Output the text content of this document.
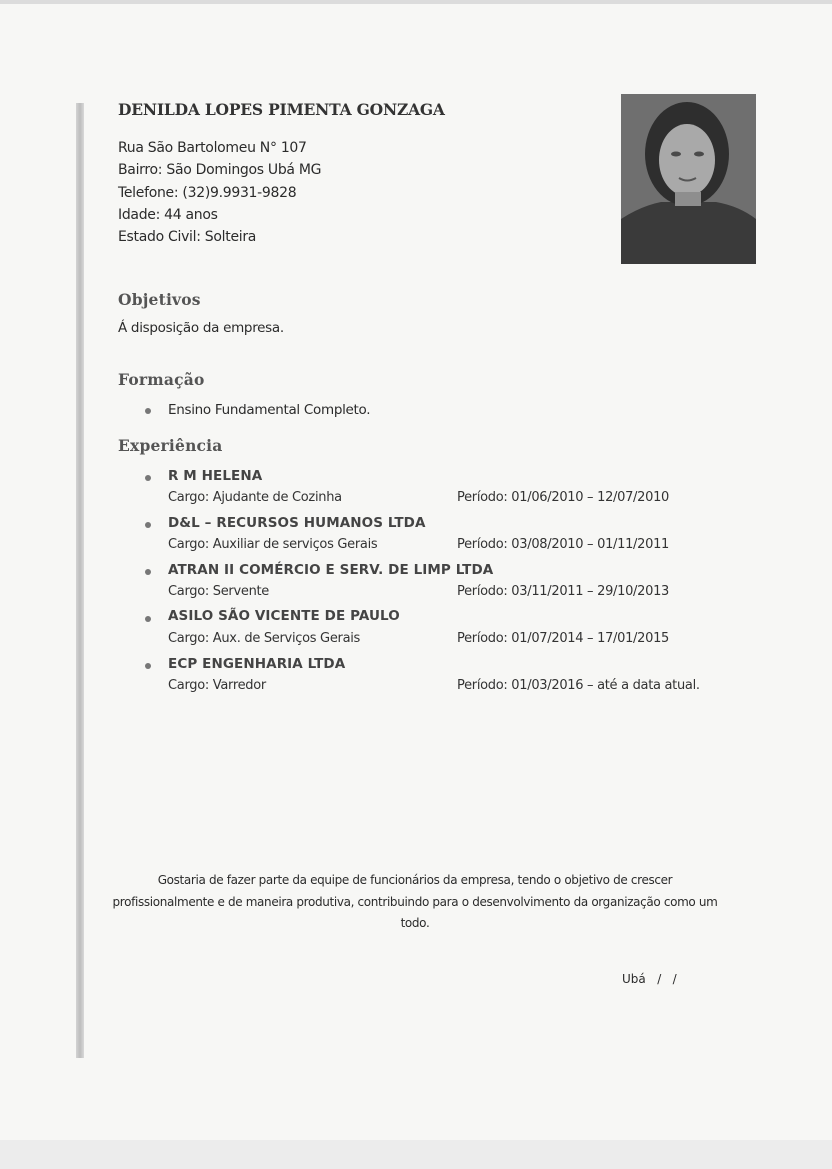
DENILDA LOPES PIMENTA GONZAGA
Rua São Bartolomeu N° 107
Bairro: São Domingos Ubá MG
Telefone: (32)9.9931-9828
Idade: 44 anos
Estado Civil: Solteira
Objetivos
Á disposição da empresa.
Formação
Ensino Fundamental Completo.
Experiência
R M HELENA
Cargo: Ajudante de Cozinha	Período: 01/06/2010 – 12/07/2010
D&L – RECURSOS HUMANOS LTDA
Cargo: Auxiliar de serviços Gerais	Período: 03/08/2010 – 01/11/2011
ATRAN II COMÉRCIO E SERV. DE LIMP LTDA
Cargo: Servente	Período: 03/11/2011 – 29/10/2013
ASILO SÃO VICENTE DE PAULO
Cargo: Aux. de Serviços Gerais	Período: 01/07/2014 – 17/01/2015
ECP ENGENHARIA LTDA
Cargo: Varredor	Período: 01/03/2016 – até a data atual.
Gostaria de fazer parte da equipe de funcionários da empresa, tendo o objetivo de crescer profissionalmente e de maneira produtiva, contribuindo para o desenvolvimento da organização como um todo.
Ubá   /   /
